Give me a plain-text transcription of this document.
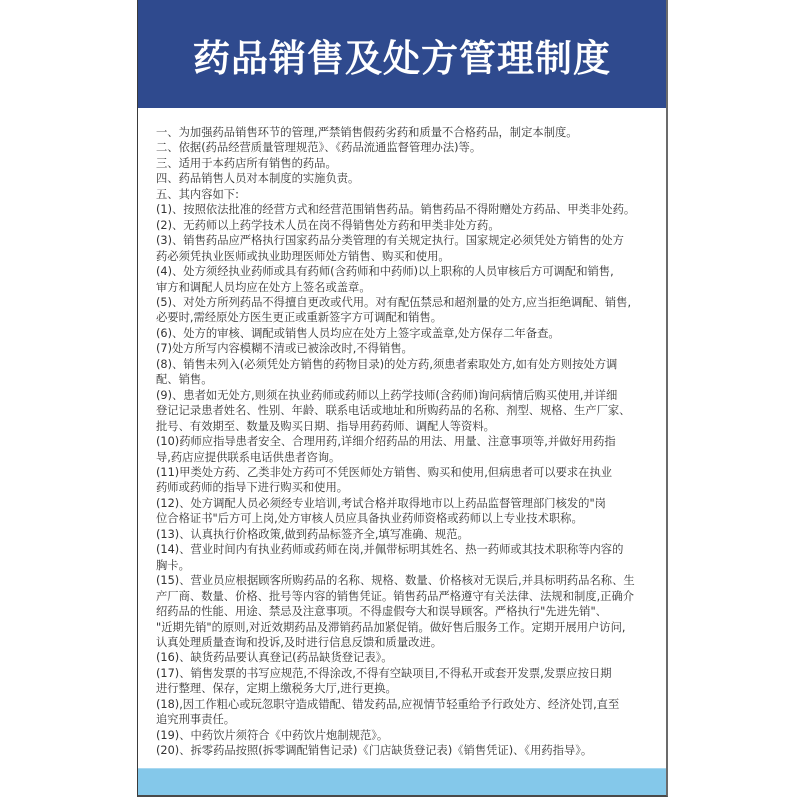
药品销售及处方管理制度
一、为加强药品销售环节的管理,严禁销售假药劣药和质量不合格药品，制定本制度。
二、依据(药品经营质量管理规范》、《药品流通监督管理办法)等。
三、适用于本药店所有销售的药品。
四、药品销售人员对本制度的实施负责。
五、其内容如下:
(1)、按照依法批准的经营方式和经营范围销售药品。销售药品不得附赠处方药品、甲类非处药。
(2)、无药师以上药学技术人员在岗不得销售处方药和甲类非处方药。
(3)、销售药品应严格执行国家药品分类管理的有关规定执行。国家规定必须凭处方销售的处方
药必须凭执业医师或执业助理医师处方销售、购买和使用。
(4)、处方须经执业药师或具有药师(含药师和中药师)以上职称的人员审核后方可调配和销售,
审方和调配人员均应在处方上签名或盖章。
(5)、对处方所列药品不得擅自更改或代用。对有配伍禁忌和超剂量的处方,应当拒绝调配、销售,
必要时,需经原处方医生更正或重新签字方可调配和销售。
(6)、处方的审核、调配或销售人员均应在处方上签字或盖章,处方保存二年备查。
(7)处方所写内容模糊不清或已被涂改时,不得销售。
(8)、销售未列入(必须凭处方销售的药物目录)的处方药,须患者索取处方,如有处方则按处方调
配、销售。
(9)、患者如无处方,则须在执业药师或药师以上药学技师(含药师)询问病情后购买使用,并详细
登记记录患者姓名、性别、年龄、联系电话或地址和所购药品的名称、剂型、规格、生产厂家、
批号、有效期至、数量及购买日期、指导用药药师、调配人等资料。
(10)药师应指导患者安全、合理用药,详细介绍药品的用法、用量、注意事项等,并做好用药指
导,药店应提供联系电话供患者咨询。
(11)甲类处方药、乙类非处方药可不凭医师处方销售、购买和使用,但病患者可以要求在执业
药师或药师的指导下进行购买和使用。
(12)、处方调配人员必须经专业培训,考试合格并取得地市以上药品监督管理部门核发的"岗
位合格证书"后方可上岗,处方审核人员应具备执业药师资格或药师以上专业技术职称。
(13)、认真执行价格政策,做到药品标签齐全,填写准确、规范。
(14)、营业时间内有执业药师或药师在岗,并佩带标明其姓名、热一药师或其技术职称等内容的
胸卡。
(15)、营业员应根据顾客所购药品的名称、规格、数量、价格核对无误后,并具标明药品名称、生
产厂商、数量、价格、批号等内容的销售凭证。销售药品严格遵守有关法律、法规和制度,正确介
绍药品的性能、用途、禁忌及注意事项。不得虚假夸大和误导顾客。严格执行"先进先销"、
"近期先销"的原则,对近效期药品及滞销药品加紧促销。做好售后服务工作。定期开展用户访问,
认真处理质量查询和投诉,及时进行信息反馈和质量改进。
(16)、缺货药品要认真登记(药品缺货登记表》。
(17)、销售发票的书写应规范,不得涂改,不得有空缺项目,不得私开或套开发票,发票应按日期
进行整理、保存，定期上缴税务大厅,进行更换。
(18),因工作粗心或玩忽职守造成错配、错发药品,应视情节轻重给予行政处方、经济处罚,直至
追究刑事责任。
(19)、中药饮片须符合《中药饮片炮制规范》。
(20)、拆零药品按照(拆零调配销售记录)《门店缺货登记表)《销售凭证)、《用药指导》。
